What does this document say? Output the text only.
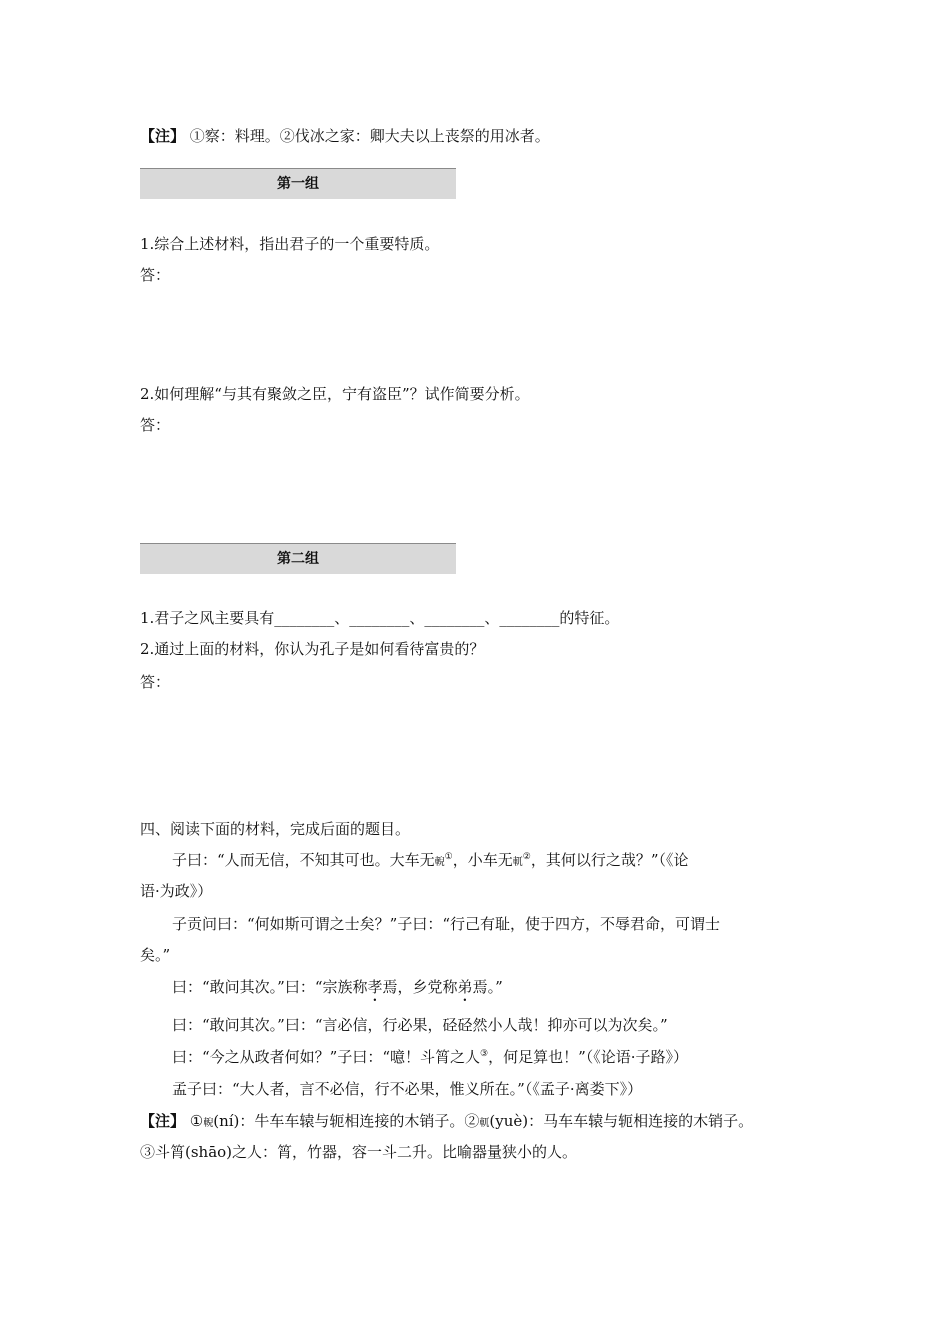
【注】 ①察：料理。②伐冰之家：卿大夫以上丧祭的用冰者。
第一组
1.综合上述材料，指出君子的一个重要特质。
答：
2.如何理解“与其有聚敛之臣，宁有盗臣”？试作简要分析。
答：
第二组
1.君子之风主要具有________、________、________、________的特征。
2.通过上面的材料，你认为孔子是如何看待富贵的？
答：
四、阅读下面的材料，完成后面的题目。
子曰：“人而无信，不知其可也。大车无輗①，小车无軏②，其何以行之哉？”（《论
语·为政》）
子贡问曰：“何如斯可谓之士矣？”子曰：“行己有耻，使于四方，不辱君命，可谓士
矣。”
曰：“敢问其次。”曰：“宗族称孝焉，乡党称弟焉。”
曰：“敢问其次。”曰：“言必信，行必果，硁硁然小人哉！抑亦可以为次矣。”
曰：“今之从政者何如？”子曰：“噫！斗筲之人③，何足算也！”（《论语·子路》）
孟子曰：“大人者，言不必信，行不必果，惟义所在。”（《孟子·离娄下》）
【注】 ①輗(ní)：牛车车辕与轭相连接的木销子。②軏(yuè)：马车车辕与轭相连接的木销子。
③斗筲(shāo)之人：筲，竹器，容一斗二升。比喻器量狭小的人。
